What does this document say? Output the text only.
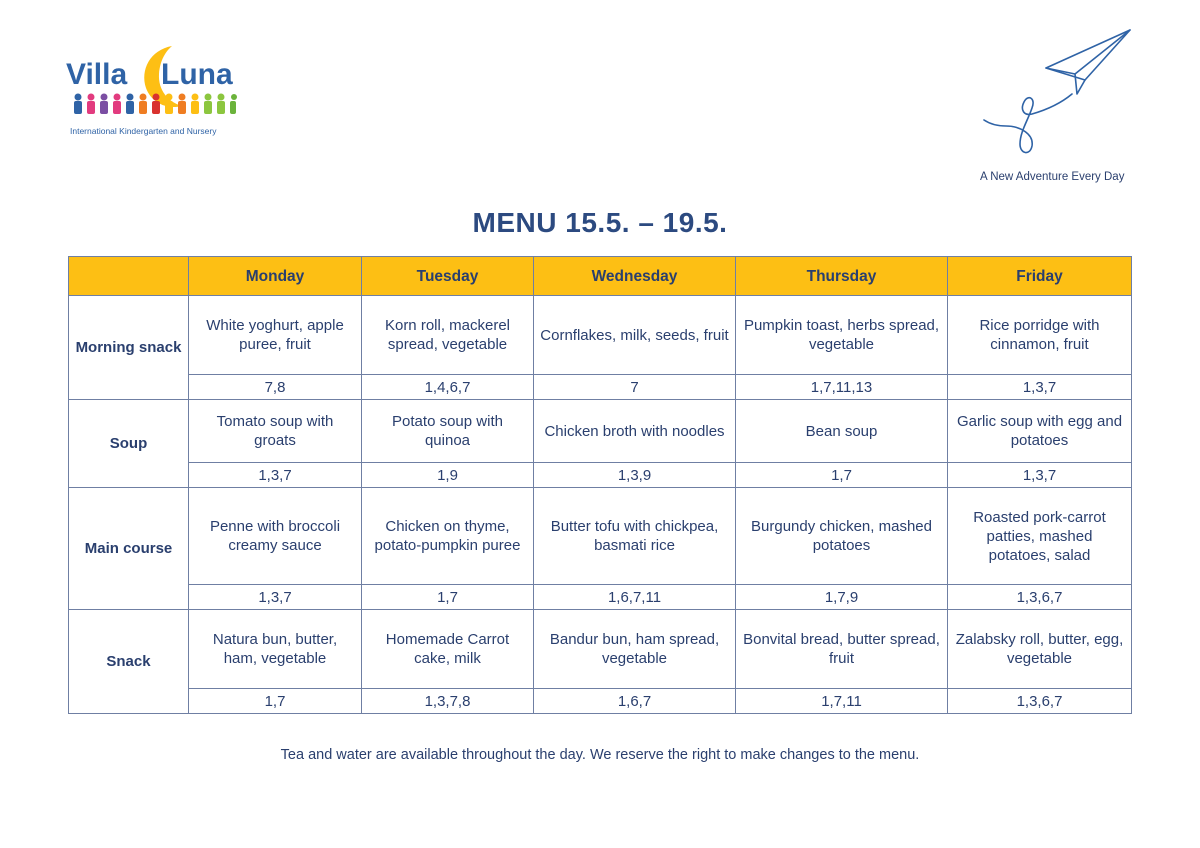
Villa Luna
International Kindergarten and Nursery
A New Adventure Every Day
MENU 15.5. – 19.5.
	Monday	Tuesday	Wednesday	Thursday	Friday
Morning snack	White yoghurt, apple puree, fruit	Korn roll, mackerel spread, vegetable	Cornflakes, milk, seeds, fruit	Pumpkin toast, herbs spread, vegetable	Rice porridge with cinnamon, fruit
	7,8	1,4,6,7	7	1,7,11,13	1,3,7
Soup	Tomato soup with groats	Potato soup with quinoa	Chicken broth with noodles	Bean soup	Garlic soup with egg and potatoes
	1,3,7	1,9	1,3,9	1,7	1,3,7
Main course	Penne with broccoli creamy sauce	Chicken on thyme, potato-pumpkin puree	Butter tofu with chickpea, basmati rice	Burgundy chicken, mashed potatoes	Roasted pork-carrot patties, mashed potatoes, salad
	1,3,7	1,7	1,6,7,11	1,7,9	1,3,6,7
Snack	Natura bun, butter, ham, vegetable	Homemade Carrot cake, milk	Bandur bun, ham spread, vegetable	Bonvital bread, butter spread, fruit	Zalabsky roll, butter, egg, vegetable
	1,7	1,3,7,8	1,6,7	1,7,11	1,3,6,7
Tea and water are available throughout the day. We reserve the right to make changes to the menu.
